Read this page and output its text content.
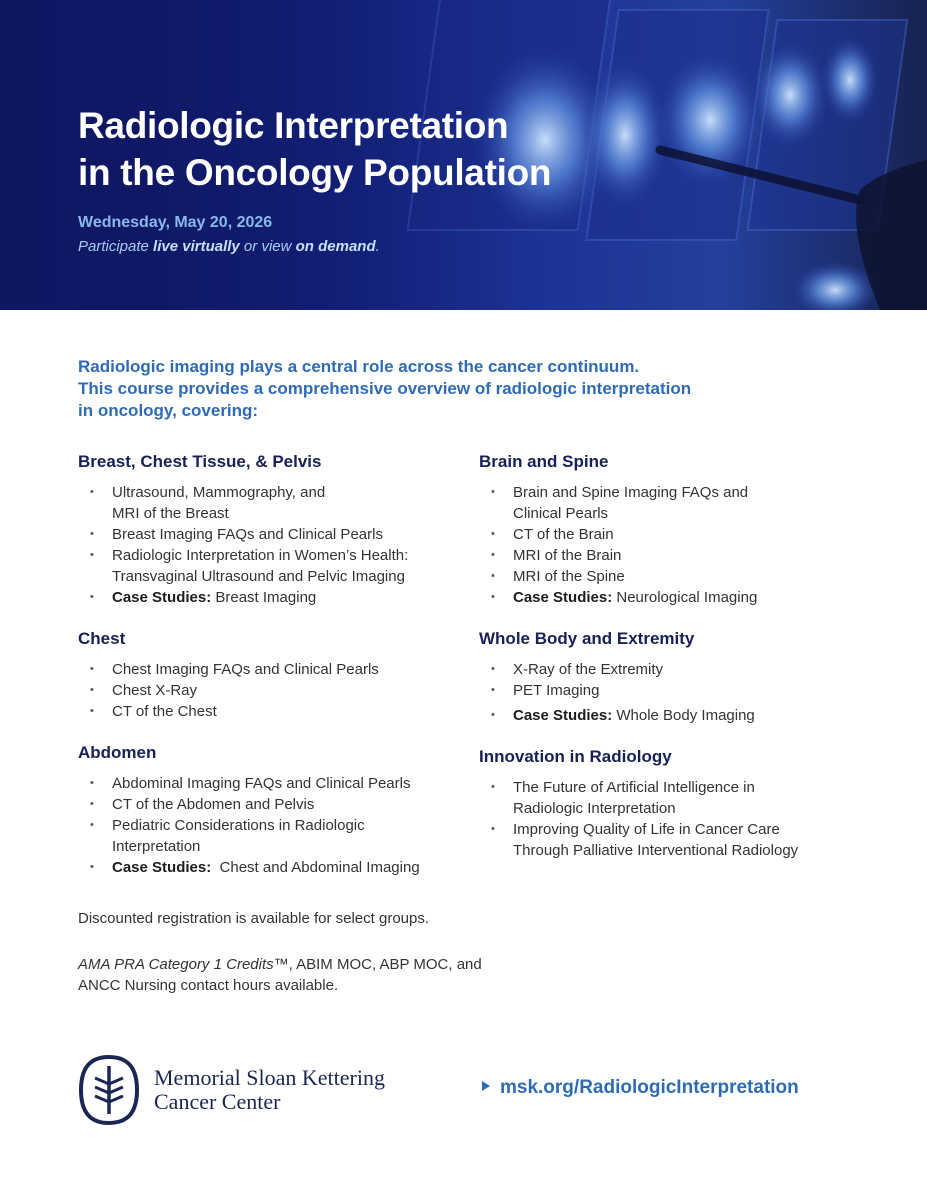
Radiologic Interpretation
in the Oncology Population
Wednesday, May 20, 2026
Participate live virtually or view on demand.
Radiologic imaging plays a central role across the cancer continuum.
This course provides a comprehensive overview of radiologic interpretation
in oncology, covering:
Breast, Chest Tissue, & Pelvis
• Ultrasound, Mammography, and
MRI of the Breast
• Breast Imaging FAQs and Clinical Pearls
• Radiologic Interpretation in Women’s Health:
Transvaginal Ultrasound and Pelvic Imaging
• Case Studies: Breast Imaging
Chest
• Chest Imaging FAQs and Clinical Pearls
• Chest X-Ray
• CT of the Chest
Abdomen
• Abdominal Imaging FAQs and Clinical Pearls
• CT of the Abdomen and Pelvis
• Pediatric Considerations in Radiologic
Interpretation
• Case Studies:  Chest and Abdominal Imaging
Brain and Spine
• Brain and Spine Imaging FAQs and
Clinical Pearls
• CT of the Brain
• MRI of the Brain
• MRI of the Spine
• Case Studies: Neurological Imaging
Whole Body and Extremity
• X-Ray of the Extremity
• PET Imaging
• Case Studies: Whole Body Imaging
Innovation in Radiology
• The Future of Artificial Intelligence in
Radiologic Interpretation
• Improving Quality of Life in Cancer Care
Through Palliative Interventional Radiology
Discounted registration is available for select groups.
AMA PRA Category 1 Credits™, ABIM MOC, ABP MOC, and
ANCC Nursing contact hours available.
Memorial Sloan Kettering
Cancer Center
msk.org/RadiologicInterpretation
